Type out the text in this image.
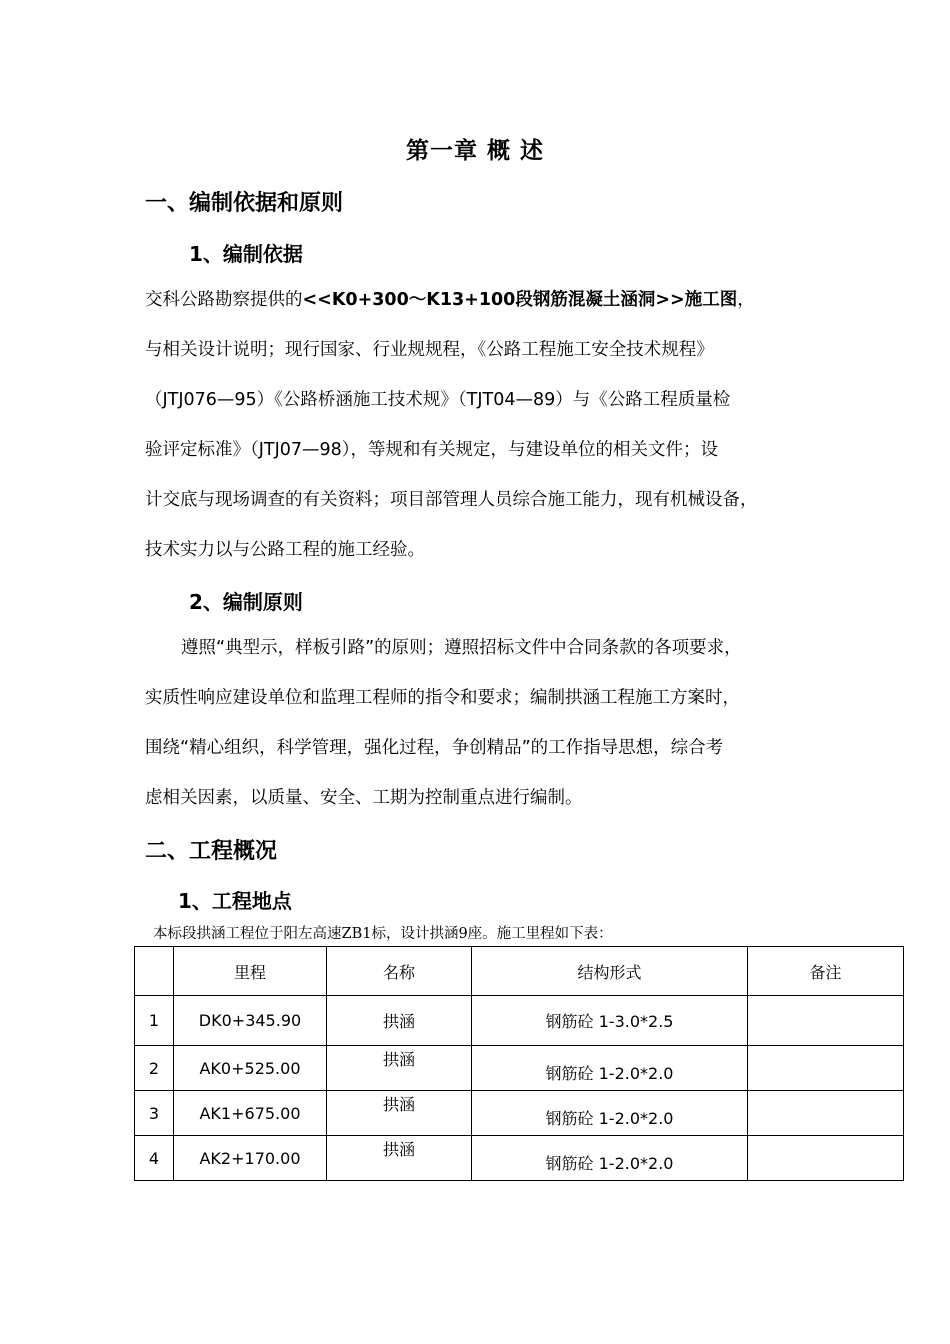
第一章 概 述
一、编制依据和原则
1、编制依据
交科公路勘察提供的<<K0+300～K13+100段钢筋混凝土涵洞>>施工图，
与相关设计说明；现行国家、行业规规程，《公路工程施工安全技术规程》
（JTJ076—95）《公路桥涵施工技术规》（TJT04—89）与《公路工程质量检
验评定标准》（JTJ07—98），等规和有关规定，与建设单位的相关文件；设
计交底与现场调查的有关资料；项目部管理人员综合施工能力，现有机械设备，
技术实力以与公路工程的施工经验。
2、编制原则
遵照“典型示，样板引路”的原则；遵照招标文件中合同条款的各项要求，
实质性响应建设单位和监理工程师的指令和要求；编制拱涵工程施工方案时，
围绕“精心组织，科学管理，强化过程，争创精品”的工作指导思想，综合考
虑相关因素，以质量、安全、工期为控制重点进行编制。
二、工程概况
1、工程地点
本标段拱涵工程位于阳左高速ZB1标，设计拱涵9座。施工里程如下表：
	里程	名称	结构形式	备注
1	DK0+345.90	拱涵	钢筋砼 1-3.0*2.5	
2	AK0+525.00	拱涵	钢筋砼 1-2.0*2.0	
3	AK1+675.00	拱涵	钢筋砼 1-2.0*2.0	
4	AK2+170.00	拱涵	钢筋砼 1-2.0*2.0	
